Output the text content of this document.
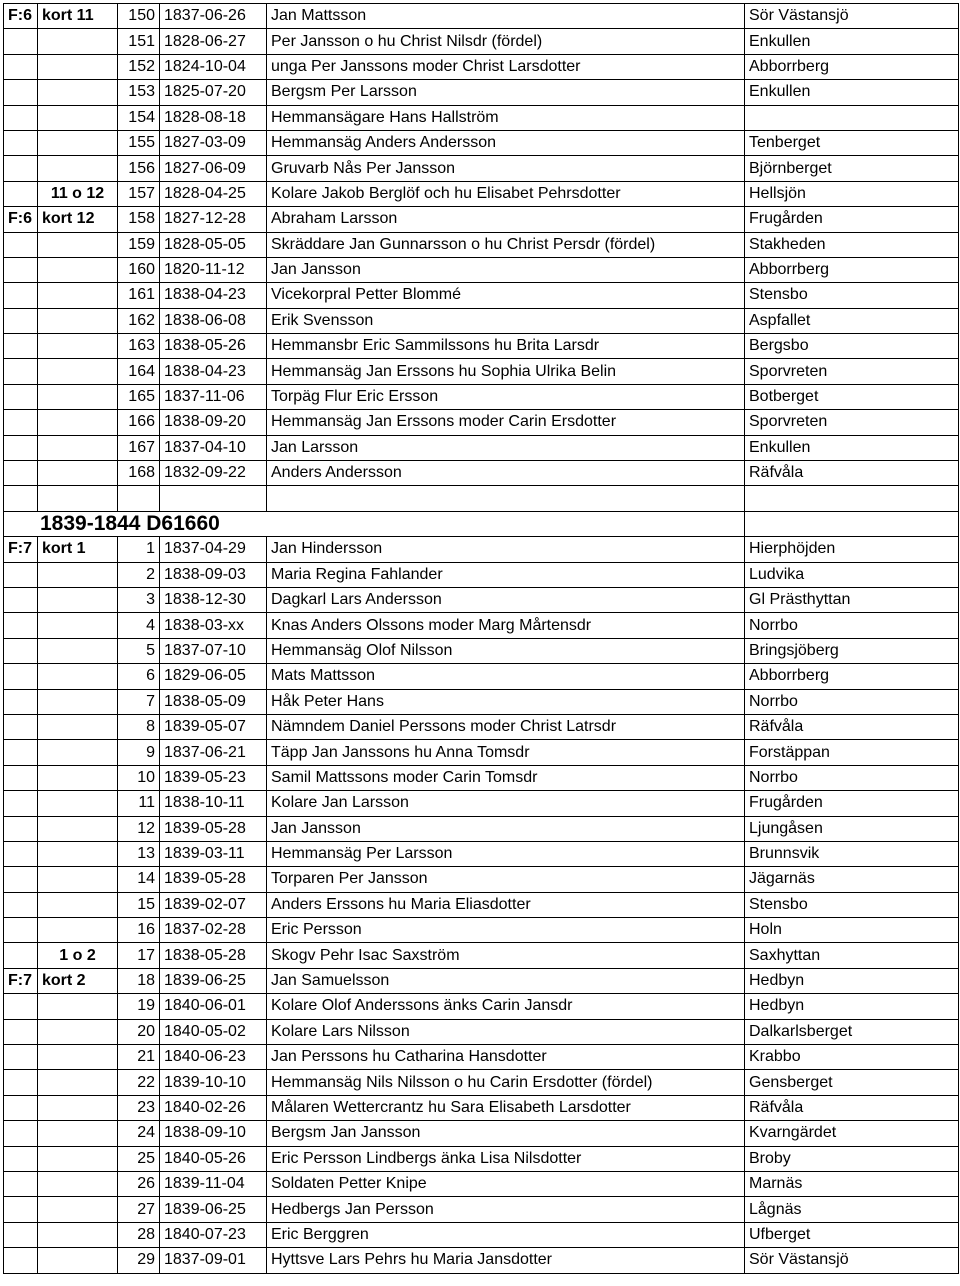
F:6	kort 11	150	1837-06-26	Jan Mattsson	Sör Västansjö
		151	1828-06-27	Per Jansson o hu Christ Nilsdr (fördel)	Enkullen
		152	1824-10-04	unga Per Janssons moder Christ Larsdotter	Abborrberg
		153	1825-07-20	Bergsm Per Larsson	Enkullen
		154	1828-08-18	Hemmansägare Hans Hallström	
		155	1827-03-09	Hemmansäg Anders Andersson	Tenberget
		156	1827-06-09	Gruvarb Nås Per Jansson	Björnberget
	11 o 12	157	1828-04-25	Kolare Jakob Berglöf och hu Elisabet Pehrsdotter	Hellsjön
F:6	kort 12	158	1827-12-28	Abraham Larsson	Frugården
		159	1828-05-05	Skräddare Jan Gunnarsson o hu Christ Persdr (fördel)	Stakheden
		160	1820-11-12	Jan Jansson	Abborrberg
		161	1838-04-23	Vicekorpral Petter Blommé	Stensbo
		162	1838-06-08	Erik Svensson	Aspfallet
		163	1838-05-26	Hemmansbr Eric Sammilssons hu Brita Larsdr	Bergsbo
		164	1838-04-23	Hemmansäg Jan Erssons hu Sophia Ulrika Belin	Sporvreten
		165	1837-11-06	Torpäg Flur Eric Ersson	Botberget
		166	1838-09-20	Hemmansäg Jan Erssons moder Carin Ersdotter	Sporvreten
		167	1837-04-10	Jan Larsson	Enkullen
		168	1832-09-22	Anders Andersson	Räfvåla

1839-1844 D61660					
F:7	kort 1	1	1837-04-29	Jan Hindersson	Hierphöjden
		2	1838-09-03	Maria Regina Fahlander	Ludvika
		3	1838-12-30	Dagkarl Lars Andersson	Gl Prästhyttan
		4	1838-03-xx	Knas Anders Olssons moder Marg Mårtensdr	Norrbo
		5	1837-07-10	Hemmansäg Olof Nilsson	Bringsjöberg
		6	1829-06-05	Mats Mattsson	Abborrberg
		7	1838-05-09	Håk Peter Hans	Norrbo
		8	1839-05-07	Nämndem Daniel Perssons moder Christ Latrsdr	Räfvåla
		9	1837-06-21	Täpp Jan Janssons hu Anna Tomsdr	Forstäppan
		10	1839-05-23	Samil Mattssons moder Carin Tomsdr	Norrbo
		11	1838-10-11	Kolare Jan Larsson	Frugården
		12	1839-05-28	Jan Jansson	Ljungåsen
		13	1839-03-11	Hemmansäg Per Larsson	Brunnsvik
		14	1839-05-28	Torparen Per Jansson	Jägarnäs
		15	1839-02-07	Anders Erssons hu Maria Eliasdotter	Stensbo
		16	1837-02-28	Eric Persson	Holn
	1 o 2	17	1838-05-28	Skogv Pehr Isac Saxström	Saxhyttan
F:7	kort 2	18	1839-06-25	Jan Samuelsson	Hedbyn
		19	1840-06-01	Kolare Olof Anderssons änks Carin Jansdr	Hedbyn
		20	1840-05-02	Kolare Lars Nilsson	Dalkarlsberget
		21	1840-06-23	Jan Perssons hu Catharina Hansdotter	Krabbo
		22	1839-10-10	Hemmansäg Nils Nilsson o hu Carin Ersdotter (fördel)	Gensberget
		23	1840-02-26	Målaren Wettercrantz hu Sara Elisabeth Larsdotter	Räfvåla
		24	1838-09-10	Bergsm Jan Jansson	Kvarngärdet
		25	1840-05-26	Eric Persson Lindbergs änka Lisa Nilsdotter	Broby
		26	1839-11-04	Soldaten Petter Knipe	Marnäs
		27	1839-06-25	Hedbergs Jan Persson	Lågnäs
		28	1840-07-23	Eric Berggren	Ufberget
		29	1837-09-01	Hyttsve Lars Pehrs hu Maria Jansdotter	Sör Västansjö
